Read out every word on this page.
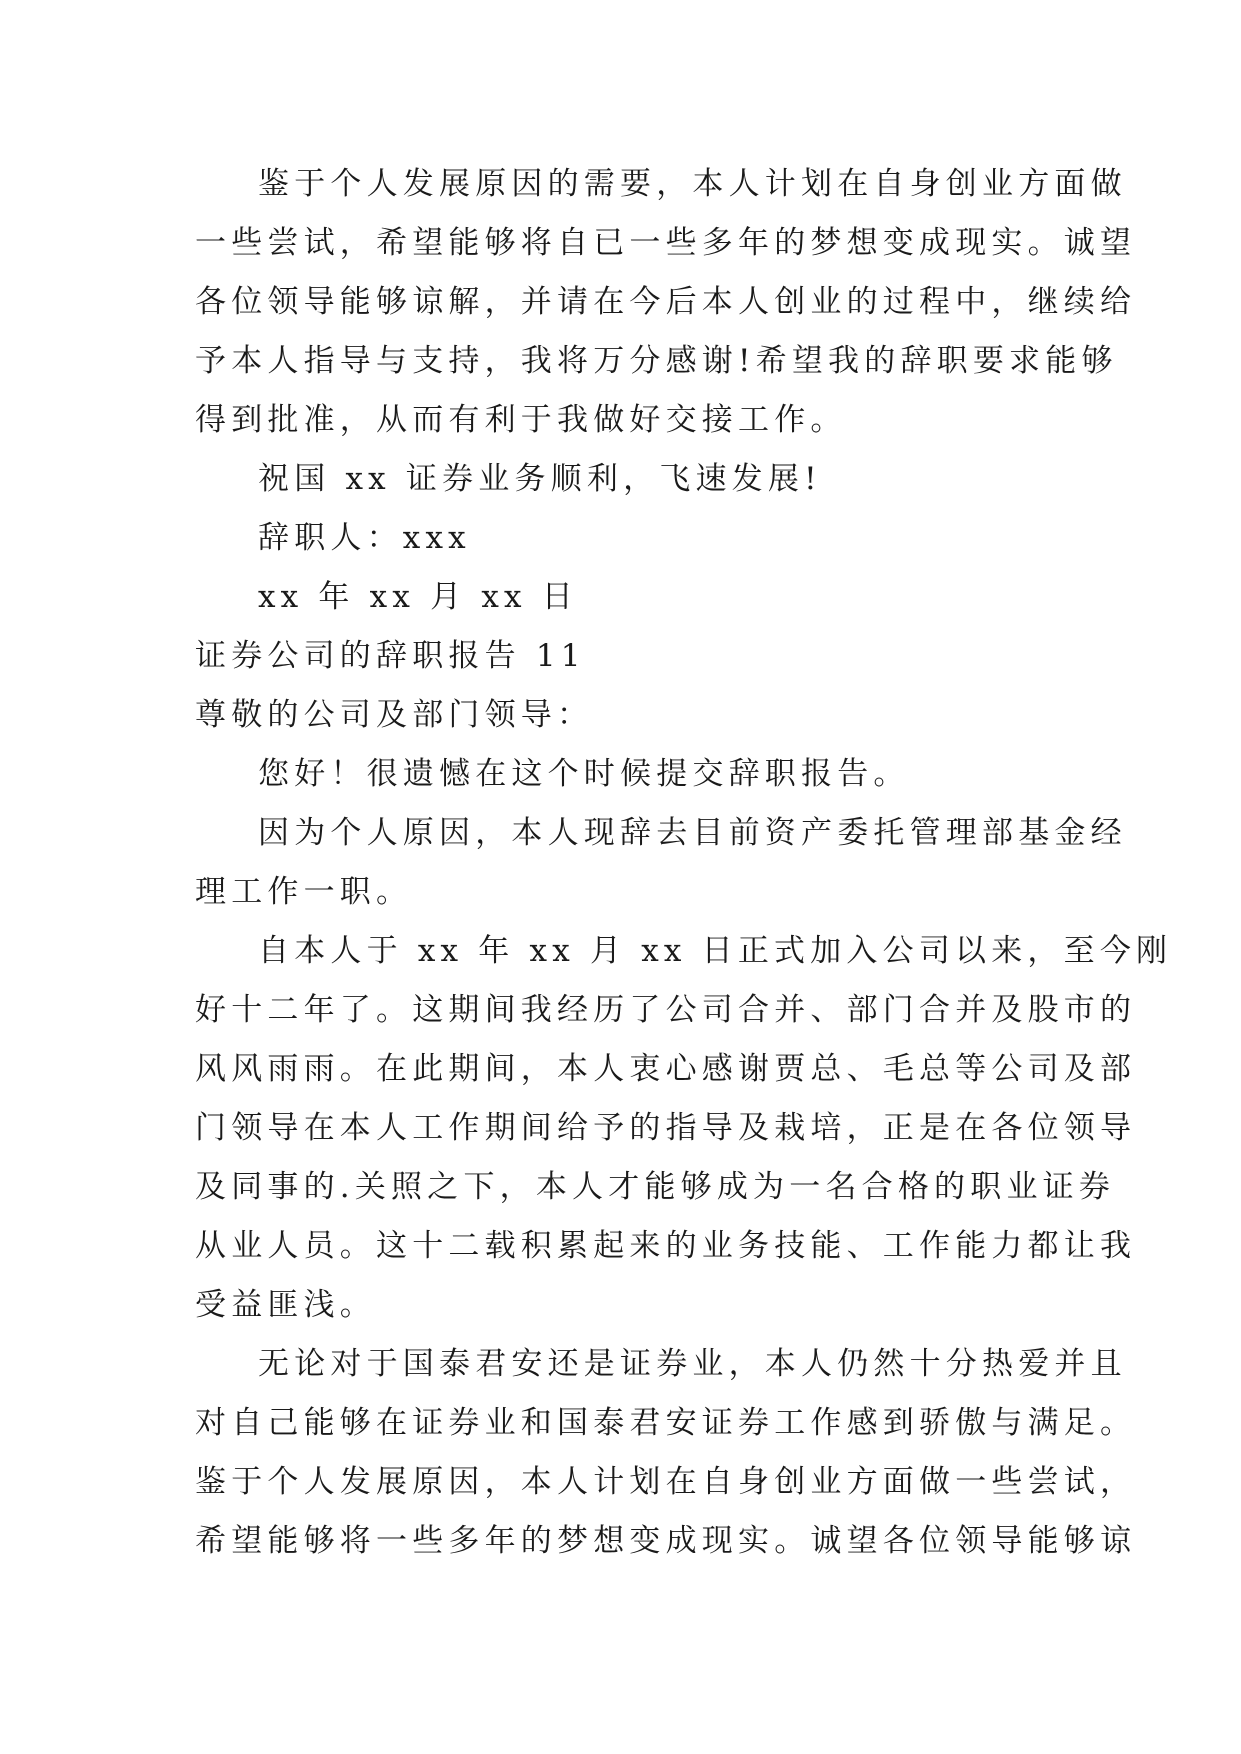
鉴于个人发展原因的需要，本人计划在自身创业方面做
一些尝试，希望能够将自已一些多年的梦想变成现实。诚望
各位领导能够谅解，并请在今后本人创业的过程中，继续给
予本人指导与支持，我将万分感谢!希望我的辞职要求能够
得到批准，从而有利于我做好交接工作。
祝国 xx 证券业务顺利，飞速发展!
辞职人：xxx
xx 年 xx 月 xx 日
证券公司的辞职报告 11
尊敬的公司及部门领导：
您好！很遗憾在这个时候提交辞职报告。
因为个人原因，本人现辞去目前资产委托管理部基金经
理工作一职。
自本人于 xx 年 xx 月 xx 日正式加入公司以来，至今刚
好十二年了。这期间我经历了公司合并、部门合并及股市的
风风雨雨。在此期间，本人衷心感谢贾总、毛总等公司及部
门领导在本人工作期间给予的指导及栽培，正是在各位领导
及同事的.关照之下，本人才能够成为一名合格的职业证券
从业人员。这十二载积累起来的业务技能、工作能力都让我
受益匪浅。
无论对于国泰君安还是证券业，本人仍然十分热爱并且
对自己能够在证券业和国泰君安证券工作感到骄傲与满足。
鉴于个人发展原因，本人计划在自身创业方面做一些尝试，
希望能够将一些多年的梦想变成现实。诚望各位领导能够谅
